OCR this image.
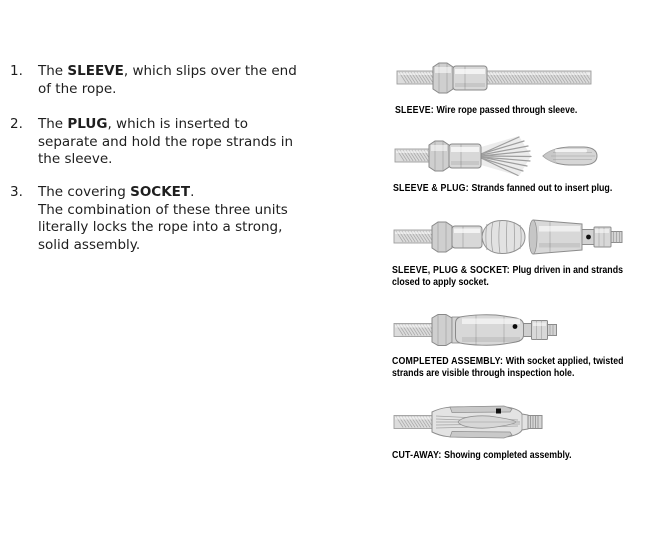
1.	The SLEEVE, which slips over the end
of the rope.
2.	The PLUG, which is inserted to
separate and hold the rope strands in
the sleeve.
3.	The covering SOCKET.
The combination of these three units
literally locks the rope into a strong,
solid assembly.
SLEEVE: Wire rope passed through sleeve.
SLEEVE & PLUG: Strands fanned out to insert plug.
SLEEVE, PLUG & SOCKET: Plug driven in and strands
closed to apply socket.
COMPLETED ASSEMBLY: With socket applied, twisted
strands are visible through inspection hole.
CUT-AWAY: Showing completed assembly.
